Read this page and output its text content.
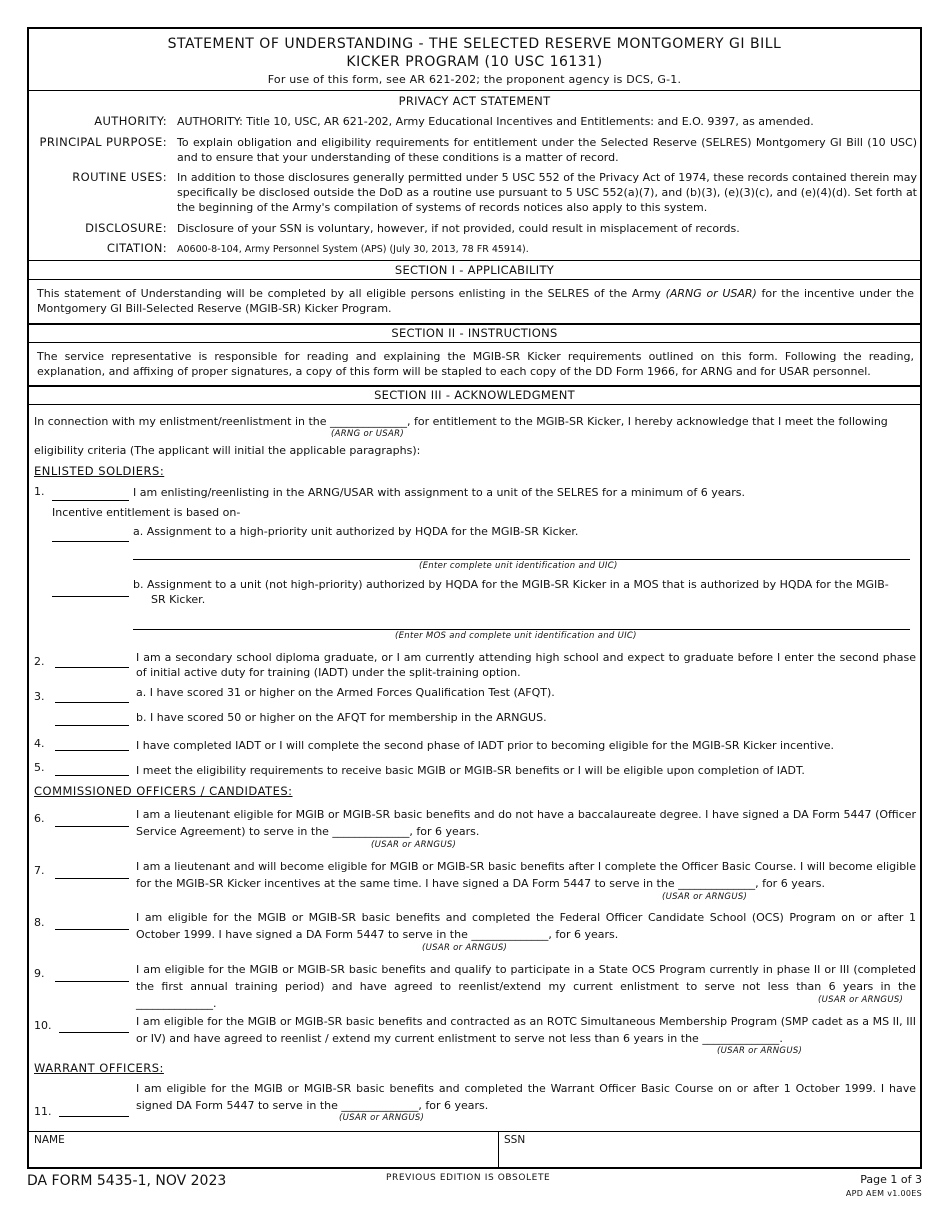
STATEMENT OF UNDERSTANDING - THE SELECTED RESERVE MONTGOMERY GI BILL
KICKER PROGRAM (10 USC 16131)
For use of this form, see AR 621-202; the proponent agency is DCS, G-1.
PRIVACY ACT STATEMENT
AUTHORITY: AUTHORITY: Title 10, USC, AR 621-202, Army Educational Incentives and Entitlements: and E.O. 9397, as amended.
PRINCIPAL PURPOSE: To explain obligation and eligibility requirements for entitlement under the Selected Reserve (SELRES) Montgomery GI Bill (10 USC) and to ensure that your understanding of these conditions is a matter of record.
ROUTINE USES: In addition to those disclosures generally permitted under 5 USC 552 of the Privacy Act of 1974, these records contained therein may specifically be disclosed outside the DoD as a routine use pursuant to 5 USC 552(a)(7), and (b)(3), (e)(3)(c), and (e)(4)(d). Set forth at the beginning of the Army's compilation of systems of records notices also apply to this system.
DISCLOSURE: Disclosure of your SSN is voluntary, however, if not provided, could result in misplacement of records.
CITATION: A0600-8-104, Army Personnel System (APS) (July 30, 2013, 78 FR 45914).
SECTION I - APPLICABILITY
This statement of Understanding will be completed by all eligible persons enlisting in the SELRES of the Army (ARNG or USAR) for the incentive under the Montgomery GI Bill-Selected Reserve (MGIB-SR) Kicker Program.
SECTION II - INSTRUCTIONS
The service representative is responsible for reading and explaining the MGIB-SR Kicker requirements outlined on this form. Following the reading, explanation, and affixing of proper signatures, a copy of this form will be stapled to each copy of the DD Form 1966, for ARNG and for USAR personnel.
SECTION III - ACKNOWLEDGMENT
In connection with my enlistment/reenlistment in the ______________, for entitlement to the MGIB-SR Kicker, I hereby acknowledge that I meet the following
(ARNG or USAR)
eligibility criteria (The applicant will initial the applicable paragraphs):
ENLISTED SOLDIERS:
1.	I am enlisting/reenlisting in the ARNG/USAR with assignment to a unit of the SELRES for a minimum of 6 years.
Incentive entitlement is based on-
a. Assignment to a high-priority unit authorized by HQDA for the MGIB-SR Kicker.
(Enter complete unit identification and UIC)
b. Assignment to a unit (not high-priority) authorized by HQDA for the MGIB-SR Kicker in a MOS that is authorized by HQDA for the MGIB-
SR Kicker.
(Enter MOS and complete unit identification and UIC)
2.	I am a secondary school diploma graduate, or I am currently attending high school and expect to graduate before I enter the second phase of initial active duty for training (IADT) under the split-training option.
3.	a. I have scored 31 or higher on the Armed Forces Qualification Test (AFQT).
b. I have scored 50 or higher on the AFQT for membership in the ARNGUS.
4.	I have completed IADT or I will complete the second phase of IADT prior to becoming eligible for the MGIB-SR Kicker incentive.
5.	I meet the eligibility requirements to receive basic MGIB or MGIB-SR benefits or I will be eligible upon completion of IADT.
COMMISSIONED OFFICERS / CANDIDATES:
6.	I am a lieutenant eligible for MGIB or MGIB-SR basic benefits and do not have a baccalaureate degree. I have signed a DA Form 5447 (Officer Service Agreement) to serve in the ______________, for 6 years.
(USAR or ARNGUS)
7.	I am a lieutenant and will become eligible for MGIB or MGIB-SR basic benefits after I complete the Officer Basic Course. I will become eligible for the MGIB-SR Kicker incentives at the same time. I have signed a DA Form 5447 to serve in the ______________, for 6 years.
(USAR or ARNGUS)
8.	I am eligible for the MGIB or MGIB-SR basic benefits and completed the Federal Officer Candidate School (OCS) Program on or after 1 October 1999. I have signed a DA Form 5447 to serve in the ______________, for 6 years.
(USAR or ARNGUS)
9.	I am eligible for the MGIB or MGIB-SR basic benefits and qualify to participate in a State OCS Program currently in phase II or III (completed the first annual training period) and have agreed to reenlist/extend my current enlistment to serve not less than 6 years in the ______________.	(USAR or ARNGUS)
10.	I am eligible for the MGIB or MGIB-SR basic benefits and contracted as an ROTC Simultaneous Membership Program (SMP cadet as a MS II, III or IV) and have agreed to reenlist / extend my current enlistment to serve not less than 6 years in the ______________.
(USAR or ARNGUS)
WARRANT OFFICERS:
11.
I am eligible for the MGIB or MGIB-SR basic benefits and completed the Warrant Officer Basic Course on or after 1 October 1999. I have signed DA Form 5447 to serve in the ______________, for 6 years.
(USAR or ARNGUS)
NAME	SSN
DA FORM 5435-1, NOV 2023	PREVIOUS EDITION IS OBSOLETE	Page 1 of 3
APD AEM v1.00ES
